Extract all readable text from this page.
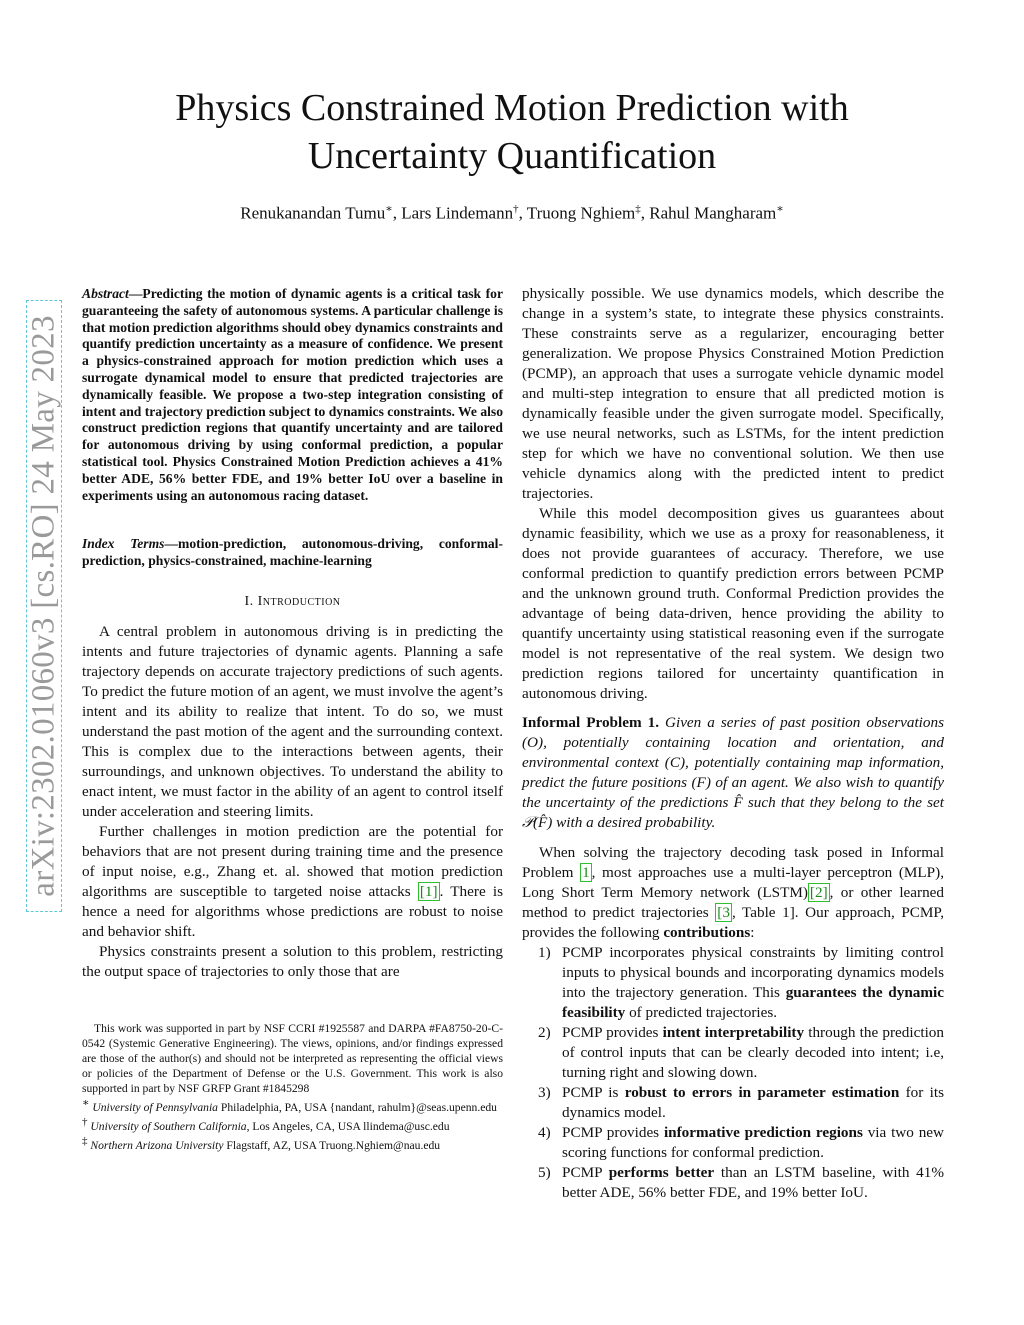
arXiv:2302.01060v3 [cs.RO] 24 May 2023
Physics Constrained Motion Prediction with
Uncertainty Quantification
Renukanandan Tumu∗, Lars Lindemann†, Truong Nghiem‡, Rahul Mangharam∗
Abstract—Predicting the motion of dynamic agents is a critical task for guaranteeing the safety of autonomous systems. A particular challenge is that motion prediction algorithms should obey dynamics constraints and quantify prediction uncertainty as a measure of confidence. We present a physics-constrained approach for motion prediction which uses a surrogate dynamical model to ensure that predicted trajectories are dynamically feasible. We propose a two-step integration consisting of intent and trajectory prediction subject to dynamics constraints. We also construct prediction regions that quantify uncertainty and are tailored for autonomous driving by using conformal prediction, a popular statistical tool. Physics Constrained Motion Prediction achieves a 41% better ADE, 56% better FDE, and 19% better IoU over a baseline in experiments using an autonomous racing dataset.
Index Terms—motion-prediction, autonomous-driving, conformal-prediction, physics-constrained, machine-learning
I. Introduction

A central problem in autonomous driving is in predicting the intents and future trajectories of dynamic agents. Planning a safe trajectory depends on accurate trajectory predictions of such agents. To predict the future motion of an agent, we must involve the agent’s intent and its ability to realize that intent. To do so, we must understand the past motion of the agent and the surrounding context. This is complex due to the interactions between agents, their surroundings, and unknown objectives. To understand the ability to enact intent, we must factor in the ability of an agent to control itself under acceleration and steering limits.

Further challenges in motion prediction are the potential for behaviors that are not present during training time and the presence of input noise, e.g., Zhang et. al. showed that motion prediction algorithms are susceptible to targeted noise attacks [1] . There is hence a need for algorithms whose predictions are robust to noise and behavior shift.

Physics constraints present a solution to this problem, restricting the output space of trajectories to only those that are

This work was supported in part by NSF CCRI #1925587 and DARPA #FA8750-20-C-0542 (Systemic Generative Engineering). The views, opinions, and/or findings expressed are those of the author(s) and should not be interpreted as representing the official views or policies of the Department of Defense or the U.S. Government. This work is also supported in part by NSF GRFP Grant #1845298

∗ University of Pennsylvania Philadelphia, PA, USA {nandant, rahulm}@seas.upenn.edu

† University of Southern California, Los Angeles, CA, USA llindema@usc.edu

‡ Northern Arizona University Flagstaff, AZ, USA Truong.Nghiem@nau.edu

physically possible. We use dynamics models, which describe the change in a system’s state, to integrate these physics constraints. These constraints serve as a regularizer, encouraging better generalization. We propose Physics Constrained Motion Prediction (PCMP), an approach that uses a surrogate vehicle dynamic model and multi-step integration to ensure that all predicted motion is dynamically feasible under the given surrogate model. Specifically, we use neural networks, such as LSTMs, for the intent prediction step for which we have no conventional solution. We then use vehicle dynamics along with the predicted intent to predict trajectories.

While this model decomposition gives us guarantees about dynamic feasibility, which we use as a proxy for reasonableness, it does not provide guarantees of accuracy. Therefore, we use conformal prediction to quantify prediction errors between PCMP and the unknown ground truth. Conformal Prediction provides the advantage of being data-driven, hence providing the ability to quantify uncertainty using statistical reasoning even if the surrogate model is not representative of the real system. We design two prediction regions tailored for uncertainty quantification in autonomous driving.

Informal Problem 1. Given a series of past position observations (O), potentially containing location and orientation, and environmental context (C), potentially containing map information, predict the future positions (F) of an agent. We also wish to quantify the uncertainty of the predictions F̂ such that they belong to the set 𝒫(F̂) with a desired probability.

When solving the trajectory decoding task posed in Informal Problem 1 , most approaches use a multi-layer perceptron (MLP), Long Short Term Memory network (LSTM) [2] , or other learned method to predict trajectories [3 , Table 1]. Our approach, PCMP, provides the following contributions:

1) PCMP incorporates physical constraints by limiting control inputs to physical bounds and incorporating dynamics models into the trajectory generation. This guarantees the dynamic feasibility of predicted trajectories.
2) PCMP provides intent interpretability through the prediction of control inputs that can be clearly decoded into intent; i.e, turning right and slowing down.
3) PCMP is robust to errors in parameter estimation for its dynamics model.
4) PCMP provides informative prediction regions via two new scoring functions for conformal prediction.
5) PCMP performs better than an LSTM baseline, with 41% better ADE, 56% better FDE, and 19% better IoU.
